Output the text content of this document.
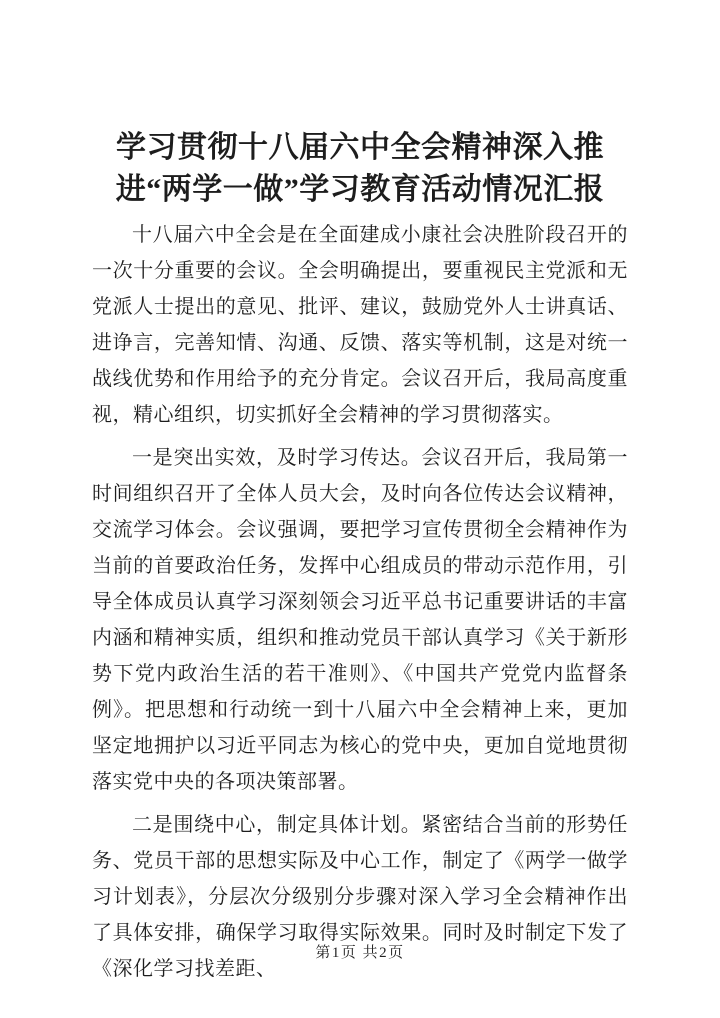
学习贯彻十八届六中全会精神深入推进“两学一做”学习教育活动情况汇报

十八届六中全会是在全面建成小康社会决胜阶段召开的一次十分重要的会议。全会明确提出，要重视民主党派和无党派人士提出的意见、批评、建议，鼓励党外人士讲真话、进诤言，完善知情、沟通、反馈、落实等机制，这是对统一战线优势和作用给予的充分肯定。会议召开后，我局高度重视，精心组织，切实抓好全会精神的学习贯彻落实。

一是突出实效，及时学习传达。会议召开后，我局第一时间组织召开了全体人员大会，及时向各位传达会议精神，交流学习体会。会议强调，要把学习宣传贯彻全会精神作为当前的首要政治任务，发挥中心组成员的带动示范作用，引导全体成员认真学习深刻领会习近平总书记重要讲话的丰富内涵和精神实质，组织和推动党员干部认真学习《关于新形势下党内政治生活的若干准则》、《中国共产党党内监督条例》。把思想和行动统一到十八届六中全会精神上来，更加坚定地拥护以习近平同志为核心的党中央，更加自觉地贯彻落实党中央的各项决策部署。

二是围绕中心，制定具体计划。紧密结合当前的形势任务、党员干部的思想实际及中心工作，制定了《两学一做学习计划表》，分层次分级别分步骤对深入学习全会精神作出了具体安排，确保学习取得实际效果。同时及时制定下发了《深化学习找差距、

第1页 共2页
